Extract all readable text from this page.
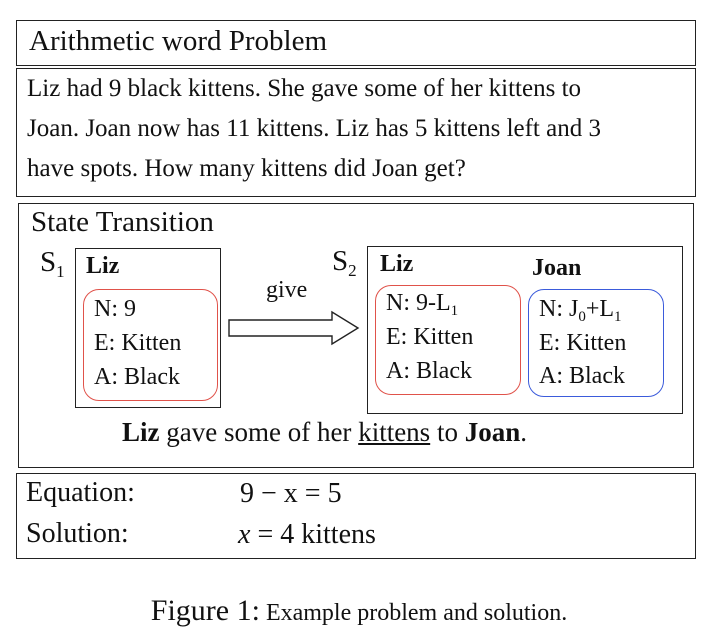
Arithmetic word Problem
Liz had 9 black kittens. She gave some of her kittens to
Joan. Joan now has 11 kittens. Liz has 5 kittens left and 3
have spots. How many kittens did Joan get?
State Transition
$S_1$ Liz
N: 9
E: Kitten
A: Black
give
$S_2$ Liz	Joan
N: $9-L_1$
E: Kitten
A: Black
N: $J_0+L_1$
E: Kitten
A: Black
Liz gave some of her kittens to Joan.
Equation:	9 − x = 5
Solution:	x = 4 kittens
Figure 1: Example problem and solution.
